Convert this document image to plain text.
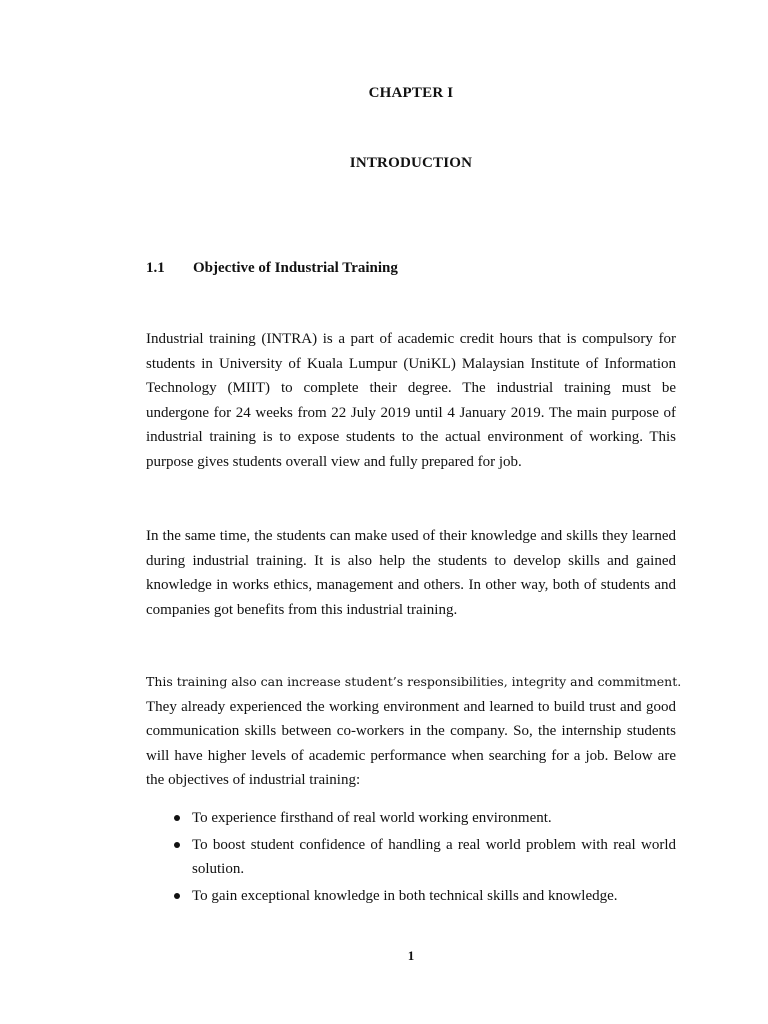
CHAPTER I
INTRODUCTION
1.1 Objective of Industrial Training
Industrial training (INTRA) is a part of academic credit hours that is compulsory for
students in University of Kuala Lumpur (UniKL) Malaysian Institute of Information
Technology (MIIT) to complete their degree. The industrial training must be
undergone for 24 weeks from 22 July 2019 until 4 January 2019. The main purpose of
industrial training is to expose students to the actual environment of working. This
purpose gives students overall view and fully prepared for job.
In the same time, the students can make used of their knowledge and skills they learned
during industrial training. It is also help the students to develop skills and gained
knowledge in works ethics, management and others. In other way, both of students and
companies got benefits from this industrial training.
This training also can increase student’s responsibilities, integrity and commitment.
They already experienced the working environment and learned to build trust and good
communication skills between co-workers in the company. So, the internship students
will have higher levels of academic performance when searching for a job. Below are
the objectives of industrial training:
To experience firsthand of real world working environment.
To boost student confidence of handling a real world problem with real world
solution.
To gain exceptional knowledge in both technical skills and knowledge.
1
